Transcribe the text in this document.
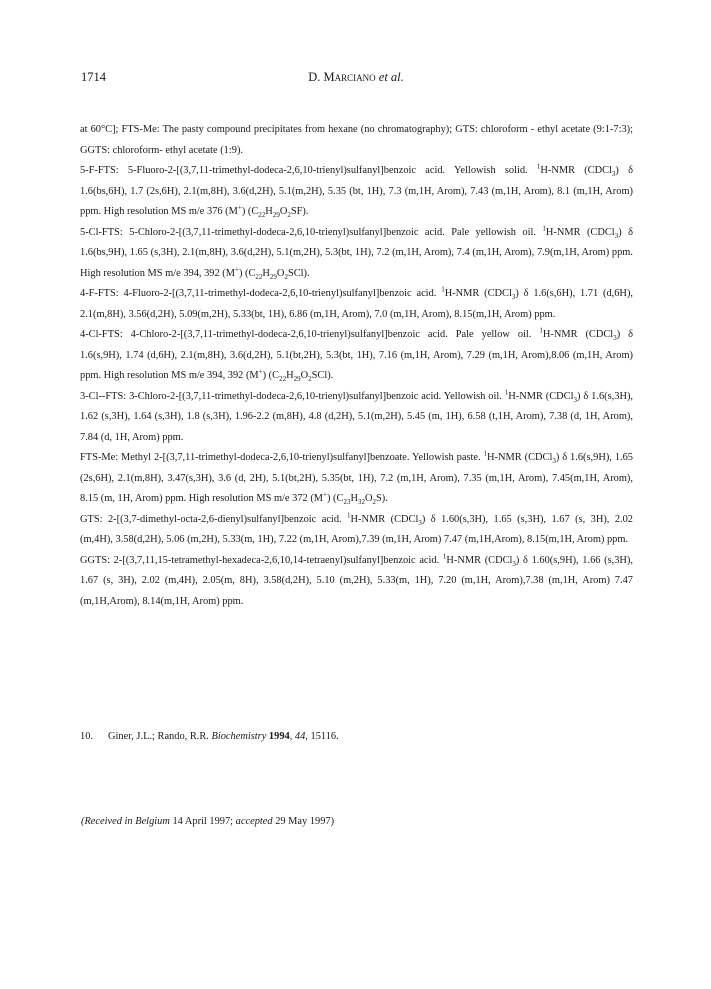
1714	D. Marciano et al.

at 60°C]; FTS-Me: The pasty compound precipitates from hexane (no chromatography); GTS: chloroform - ethyl acetate (9:1-7:3); GGTS: chloroform- ethyl acetate (1:9).

5-F-FTS: 5-Fluoro-2-[(3,7,11-trimethyl-dodeca-2,6,10-trienyl)sulfanyl]benzoic acid. Yellowish solid. $^1$H-NMR (CDCl$_3$) δ 1.6(bs,6H), 1.7 (2s,6H), 2.1(m,8H), 3.6(d,2H), 5.1(m,2H), 5.35 (bt, 1H), 7.3 (m,1H, Arom), 7.43 (m,1H, Arom), 8.1 (m,1H, Arom) ppm. High resolution MS m/e 376 (M+) $(C_{22}H_{29}O_2SF)$.

5-Cl-FTS: 5-Chloro-2-[(3,7,11-trimethyl-dodeca-2,6,10-trienyl)sulfanyl]benzoic acid. Pale yellowish oil. $^1$H-NMR (CDCl$_3$) δ 1.6(bs,9H), 1.65 (s,3H), 2.1(m,8H), 3.6(d,2H), 5.1(m,2H), 5.3(bt, 1H), 7.2 (m,1H, Arom), 7.4 (m,1H, Arom), 7.9(m,1H, Arom) ppm. High resolution MS m/e 394, 392 (M+) $(C_{22}H_{29}O_2SCl)$.

4-F-FTS: 4-Fluoro-2-[(3,7,11-trimethyl-dodeca-2,6,10-trienyl)sulfanyl]benzoic acid. $^1$H-NMR (CDCl$_3$) δ 1.6(s,6H), 1.71 (d,6H), 2.1(m,8H), 3.56(d,2H), 5.09(m,2H), 5.33(bt, 1H), 6.86 (m,1H, Arom), 7.0 (m,1H, Arom), 8.15(m,1H, Arom) ppm.

4-Cl-FTS: 4-Chloro-2-[(3,7,11-trimethyl-dodeca-2,6,10-trienyl)sulfanyl]benzoic acid. Pale yellow oil. $^1$H-NMR (CDCl$_3$) δ 1.6(s,9H), 1.74 (d,6H), 2.1(m,8H), 3.6(d,2H), 5.1(bt,2H), 5.3(bt, 1H), 7.16 (m,1H, Arom), 7.29 (m,1H, Arom),8.06 (m,1H, Arom) ppm. High resolution MS m/e 394, 392 (M+) $(C_{22}H_{29}O_2SCl)$.

3-Cl--FTS: 3-Chloro-2-[(3,7,11-trimethyl-dodeca-2,6,10-trienyl)sulfanyl]benzoic acid. Yellowish oil. $^1$H-NMR (CDCl$_3$) δ 1.6(s,3H), 1.62 (s,3H), 1.64 (s,3H), 1.8 (s,3H), 1.96-2.2 (m,8H), 4.8 (d,2H), 5.1(m,2H), 5.45 (m, 1H), 6.58 (t,1H, Arom), 7.38 (d, 1H, Arom), 7.84 (d, 1H, Arom) ppm.

FTS-Me: Methyl 2-[(3,7,11-trimethyl-dodeca-2,6,10-trienyl)sulfanyl]benzoate. Yellowish paste. $^1$H-NMR (CDCl$_3$) δ 1.6(s,9H), 1.65 (2s,6H), 2.1(m,8H), 3.47(s,3H), 3.6 (d, 2H), 5.1(bt,2H), 5.35(bt, 1H), 7.2 (m,1H, Arom), 7.35 (m,1H, Arom), 7.45(m,1H, Arom), 8.15 (m, 1H, Arom) ppm. High resolution MS m/e 372 (M+) $(C_{23}H_{32}O_2S)$.

GTS: 2-[(3,7-dimethyl-octa-2,6-dienyl)sulfanyl]benzoic acid. $^1$H-NMR (CDCl$_3$) δ 1.60(s,3H), 1.65 (s,3H), 1.67 (s, 3H), 2.02 (m,4H), 3.58(d,2H), 5.06 (m,2H), 5.33(m, 1H), 7.22 (m,1H, Arom),7.39 (m,1H, Arom) 7.47 (m,1H,Arom), 8.15(m,1H, Arom) ppm.

GGTS: 2-[(3,7,11,15-tetramethyl-hexadeca-2,6,10,14-tetraenyl)sulfanyl]benzoic acid. $^1$H-NMR (CDCl$_3$) δ 1.60(s,9H), 1.66 (s,3H), 1.67 (s, 3H), 2.02 (m,4H), 2.05(m, 8H), 3.58(d,2H), 5.10 (m,2H), 5.33(m, 1H), 7.20 (m,1H, Arom),7.38 (m,1H, Arom) 7.47 (m,1H,Arom), 8.14(m,1H, Arom) ppm.

10. Giner, J.L.; Rando, R.R. Biochemistry 1994, 44, 15116.
(Received in Belgium 14 April 1997; accepted 29 May 1997)
